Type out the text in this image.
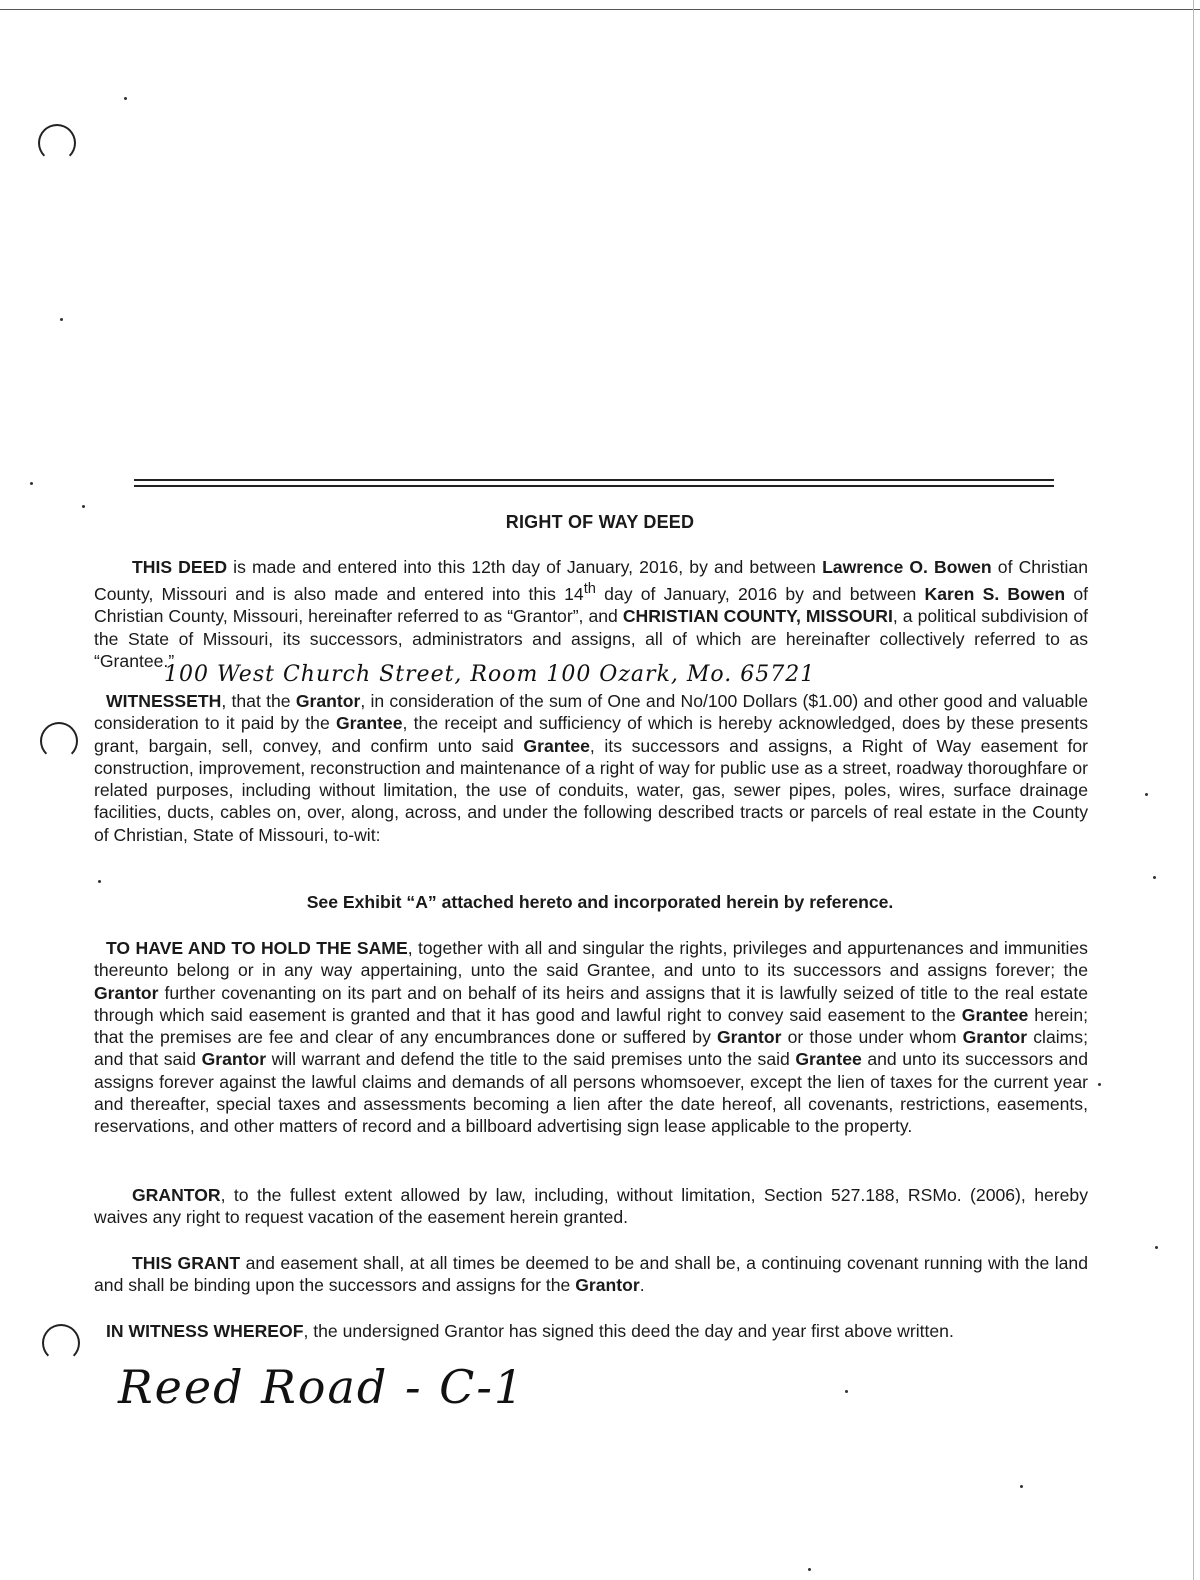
RIGHT OF WAY DEED

THIS DEED is made and entered into this 12th day of January, 2016, by and between Lawrence O. Bowen of Christian County, Missouri and is also made and entered into this 14th day of January, 2016 by and between Karen S. Bowen of Christian County, Missouri, hereinafter referred to as “Grantor”, and CHRISTIAN COUNTY, MISSOURI, a political subdivision of the State of Missouri, its successors, administrators and assigns, all of which are hereinafter collectively referred to as “Grantee.”

100 West Church Street, Room 100 Ozark, Mo. 65721

WITNESSETH, that the Grantor, in consideration of the sum of One and No/100 Dollars ($1.00) and other good and valuable consideration to it paid by the Grantee, the receipt and sufficiency of which is hereby acknowledged, does by these presents grant, bargain, sell, convey, and confirm unto said Grantee, its successors and assigns, a Right of Way easement for construction, improvement, reconstruction and maintenance of a right of way for public use as a street, roadway thoroughfare or related purposes, including without limitation, the use of conduits, water, gas, sewer pipes, poles, wires, surface drainage facilities, ducts, cables on, over, along, across, and under the following described tracts or parcels of real estate in the County of Christian, State of Missouri, to-wit:

See Exhibit “A” attached hereto and incorporated herein by reference.

TO HAVE AND TO HOLD THE SAME, together with all and singular the rights, privileges and appurtenances and immunities thereunto belong or in any way appertaining, unto the said Grantee, and unto to its successors and assigns forever; the Grantor further covenanting on its part and on behalf of its heirs and assigns that it is lawfully seized of title to the real estate through which said easement is granted and that it has good and lawful right to convey said easement to the Grantee herein; that the premises are fee and clear of any encumbrances done or suffered by Grantor or those under whom Grantor claims; and that said Grantor will warrant and defend the title to the said premises unto the said Grantee and unto its successors and assigns forever against the lawful claims and demands of all persons whomsoever, except the lien of taxes for the current year and thereafter, special taxes and assessments becoming a lien after the date hereof, all covenants, restrictions, easements, reservations, and other matters of record and a billboard advertising sign lease applicable to the property.

GRANTOR, to the fullest extent allowed by law, including, without limitation, Section 527.188, RSMo. (2006), hereby waives any right to request vacation of the easement herein granted.

THIS GRANT and easement shall, at all times be deemed to be and shall be, a continuing covenant running with the land and shall be binding upon the successors and assigns for the Grantor.

IN WITNESS WHEREOF, the undersigned Grantor has signed this deed the day and year first above written.

Reed Road - C-1
